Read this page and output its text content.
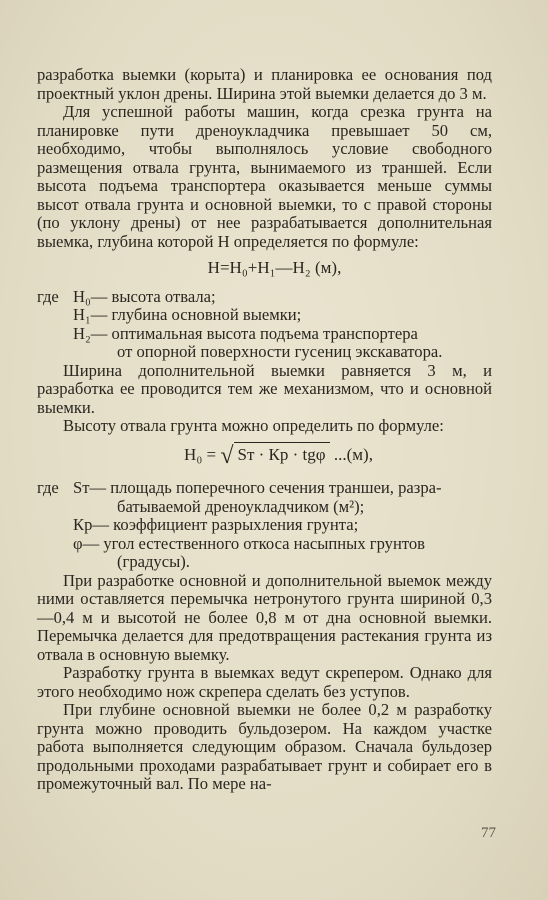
разработка выемки (корыта) и планировка ее основания под проектный уклон дрены. Ширина этой выемки делается до 3 м.

Для успешной работы машин, когда срезка грунта на планировке пути дреноукладчика превышает 50 см, необходимо, чтобы выполнялось условие свободного размещения отвала грунта, вынимаемого из траншей. Если высота подъема транспортера оказывается меньше суммы высот отвала грунта и основной выемки, то с правой стороны (по уклону дрены) от нее разрабатывается дополнительная выемка, глубина которой Н определяется по формуле:

H=H₀+H₁—H₂ (м),
где H₀ — высота отвала;
H₁ — глубина основной выемки;
H₂ — оптимальная высота подъема транспортера
от опорной поверхности гусениц экскаватора.

Ширина дополнительной выемки равняется 3 м, и разработка ее проводится тем же механизмом, что и основной выемки.

Высоту отвала грунта можно определить по формуле:

H₀ = √ Sт · Кр · tgφ ...(м),
где Sт — площадь поперечного сечения траншеи, разра-
батываемой дреноукладчиком (м²);
Кр — коэффициент разрыхления грунта;
φ — угол естественного откоса насыпных грунтов
(градусы).

При разработке основной и дополнительной выемок между ними оставляется перемычка нетронутого грунта шириной 0,3—0,4 м и высотой не более 0,8 м от дна основной выемки. Перемычка делается для предотвращения растекания грунта из отвала в основную выемку.

Разработку грунта в выемках ведут скрепером. Однако для этого необходимо нож скрепера сделать без уступов.

При глубине основной выемки не более 0,2 м разработку грунта можно проводить бульдозером. На каждом участке работа выполняется следующим образом. Сначала бульдозер продольными проходами разрабатывает грунт и собирает его в промежуточный вал. По мере на-

77
